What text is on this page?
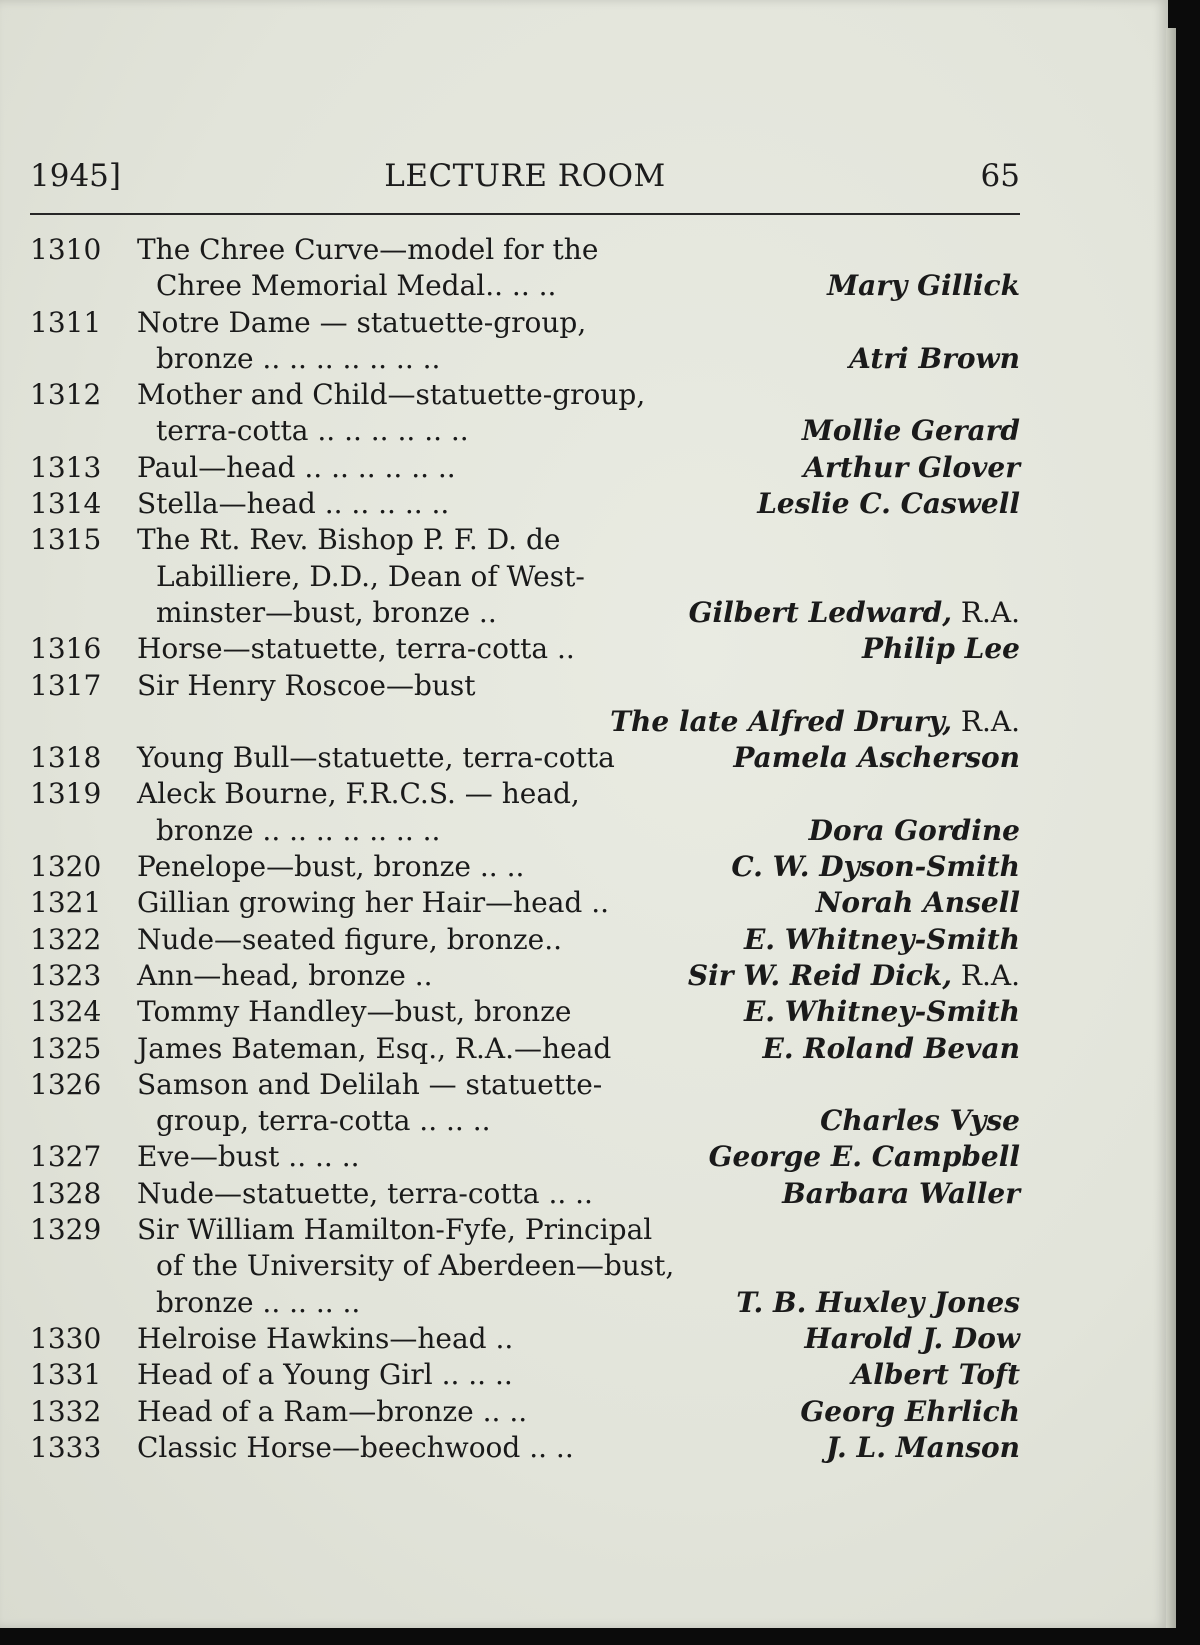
1945]	LECTURE ROOM	65
1310	The Chree Curve—model for the
Chree Memorial Medal.. .. ..	Mary Gillick
1311	Notre Dame — statuette-group,
bronze .. .. .. .. .. .. ..	Atri Brown
1312	Mother and Child—statuette-group,
terra-cotta .. .. .. .. .. ..	Mollie Gerard
1313	Paul—head .. .. .. .. .. ..	Arthur Glover
1314	Stella—head .. .. .. .. ..	Leslie C. Caswell
1315	The Rt. Rev. Bishop P. F. D. de
Labilliere, D.D., Dean of West-
minster—bust, bronze ..	Gilbert Ledward, R.A.
1316	Horse—statuette, terra-cotta ..	Philip Lee
1317	Sir Henry Roscoe—bust
The late Alfred Drury, R.A.
1318	Young Bull—statuette, terra-cotta	Pamela Ascherson
1319	Aleck Bourne, F.R.C.S. — head,
bronze .. .. .. .. .. .. ..	Dora Gordine
1320	Penelope—bust, bronze .. ..	C. W. Dyson-Smith
1321	Gillian growing her Hair—head ..	Norah Ansell
1322	Nude—seated figure, bronze..	E. Whitney-Smith
1323	Ann—head, bronze ..	Sir W. Reid Dick, R.A.
1324	Tommy Handley—bust, bronze	E. Whitney-Smith
1325	James Bateman, Esq., R.A.—head	E. Roland Bevan
1326	Samson and Delilah — statuette-
group, terra-cotta .. .. ..	Charles Vyse
1327	Eve—bust .. .. ..	George E. Campbell
1328	Nude—statuette, terra-cotta .. ..	Barbara Waller
1329	Sir William Hamilton-Fyfe, Principal
of the University of Aberdeen—bust,
bronze .. .. .. ..	T. B. Huxley Jones
1330	Helroise Hawkins—head ..	Harold J. Dow
1331	Head of a Young Girl .. .. ..	Albert Toft
1332	Head of a Ram—bronze .. ..	Georg Ehrlich
1333	Classic Horse—beechwood .. ..	J. L. Manson
